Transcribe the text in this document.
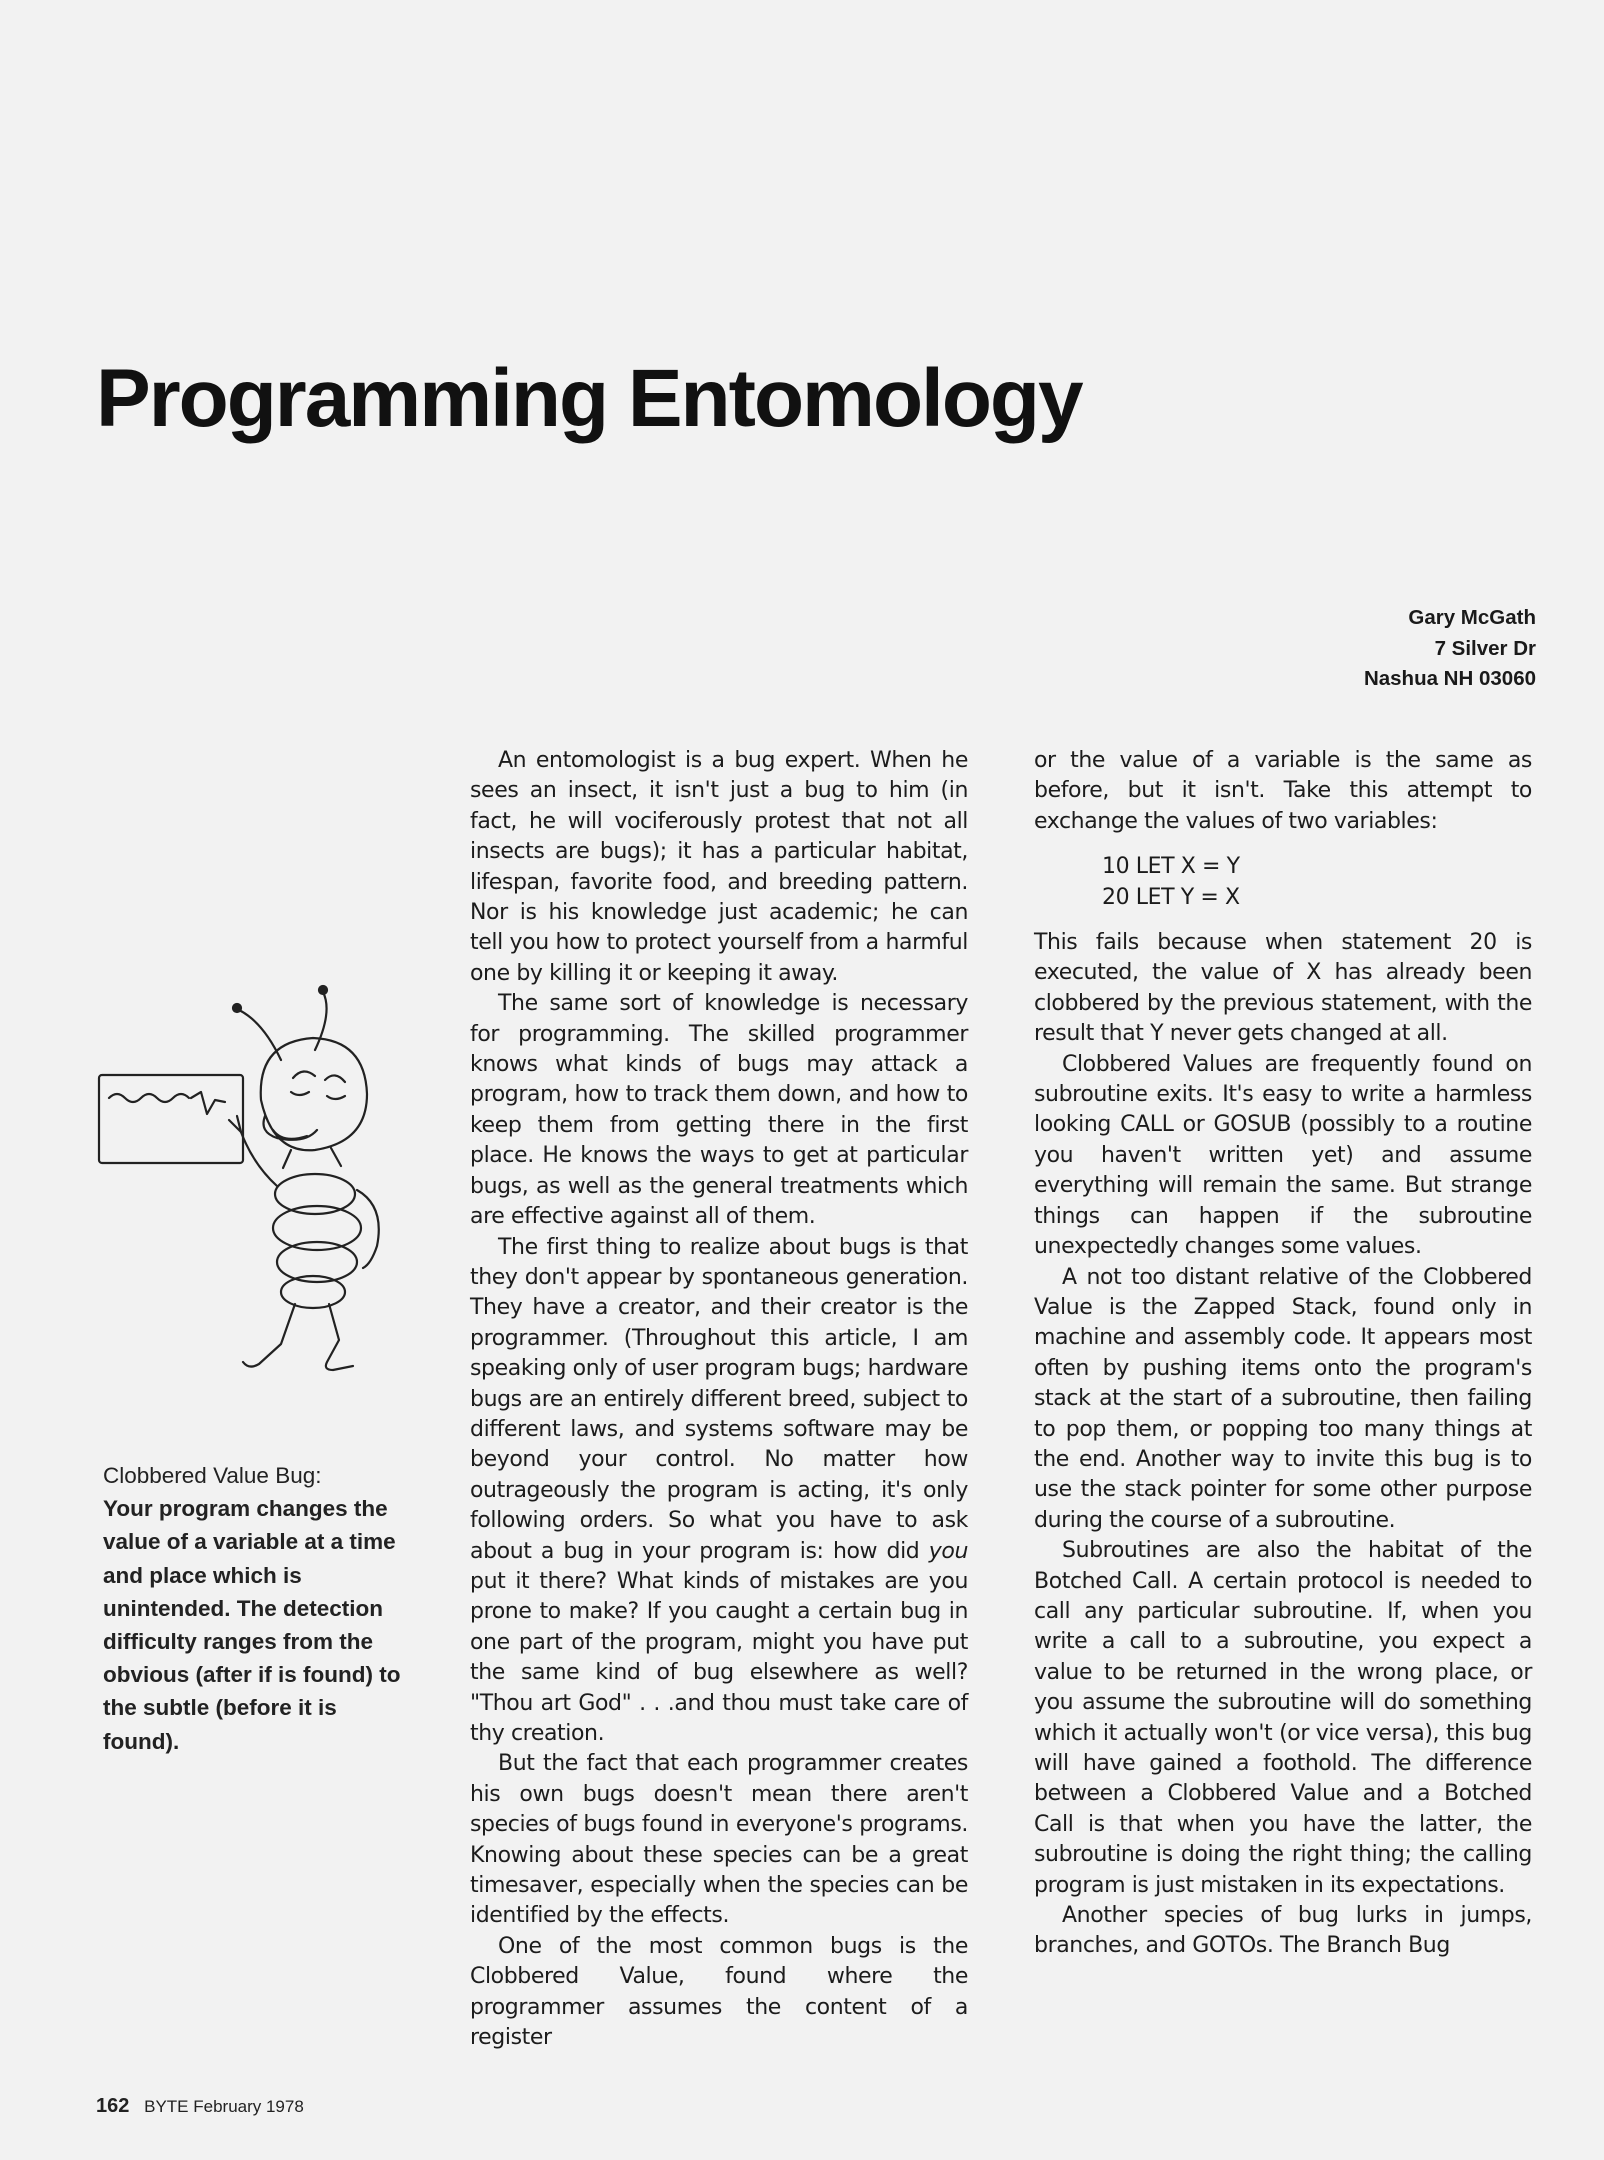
Programming Entomology
Gary McGath
7 Silver Dr
Nashua NH 03060
Clobbered Value Bug:
Your program changes the value of a variable at a time and place which is unintended. The detection difficulty ranges from the obvious (after if is found) to the subtle (before it is found).

An entomologist is a bug expert. When he sees an insect, it isn't just a bug to him (in fact, he will vociferously protest that not all insects are bugs); it has a particular habitat, lifespan, favorite food, and breeding pattern. Nor is his knowledge just academic; he can tell you how to protect yourself from a harmful one by killing it or keeping it away.

The same sort of knowledge is necessary for programming. The skilled programmer knows what kinds of bugs may attack a program, how to track them down, and how to keep them from getting there in the first place. He knows the ways to get at particular bugs, as well as the general treatments which are effective against all of them.

The first thing to realize about bugs is that they don't appear by spontaneous generation. They have a creator, and their creator is the programmer. (Throughout this article, I am speaking only of user program bugs; hardware bugs are an entirely different breed, subject to different laws, and systems software may be beyond your control. No matter how outrageously the program is acting, it's only following orders. So what you have to ask about a bug in your program is: how did you put it there? What kinds of mistakes are you prone to make? If you caught a certain bug in one part of the program, might you have put the same kind of bug elsewhere as well? "Thou art God" . . .and thou must take care of thy creation.

But the fact that each programmer creates his own bugs doesn't mean there aren't species of bugs found in everyone's programs. Knowing about these species can be a great timesaver, especially when the species can be identified by the effects.

One of the most common bugs is the Clobbered Value, found where the programmer assumes the content of a register

or the value of a variable is the same as before, but it isn't. Take this attempt to exchange the values of two variables:

10 LET X = Y
20 LET Y = X

This fails because when statement 20 is executed, the value of X has already been clobbered by the previous statement, with the result that Y never gets changed at all.

Clobbered Values are frequently found on subroutine exits. It's easy to write a harmless looking CALL or GOSUB (possibly to a routine you haven't written yet) and assume everything will remain the same. But strange things can happen if the subroutine unexpectedly changes some values.

A not too distant relative of the Clobbered Value is the Zapped Stack, found only in machine and assembly code. It appears most often by pushing items onto the program's stack at the start of a subroutine, then failing to pop them, or popping too many things at the end. Another way to invite this bug is to use the stack pointer for some other purpose during the course of a subroutine.

Subroutines are also the habitat of the Botched Call. A certain protocol is needed to call any particular subroutine. If, when you write a call to a subroutine, you expect a value to be returned in the wrong place, or you assume the subroutine will do something which it actually won't (or vice versa), this bug will have gained a foothold. The difference between a Clobbered Value and a Botched Call is that when you have the latter, the subroutine is doing the right thing; the calling program is just mistaken in its expectations.

Another species of bug lurks in jumps, branches, and GOTOs. The Branch Bug

162 BYTE February 1978
